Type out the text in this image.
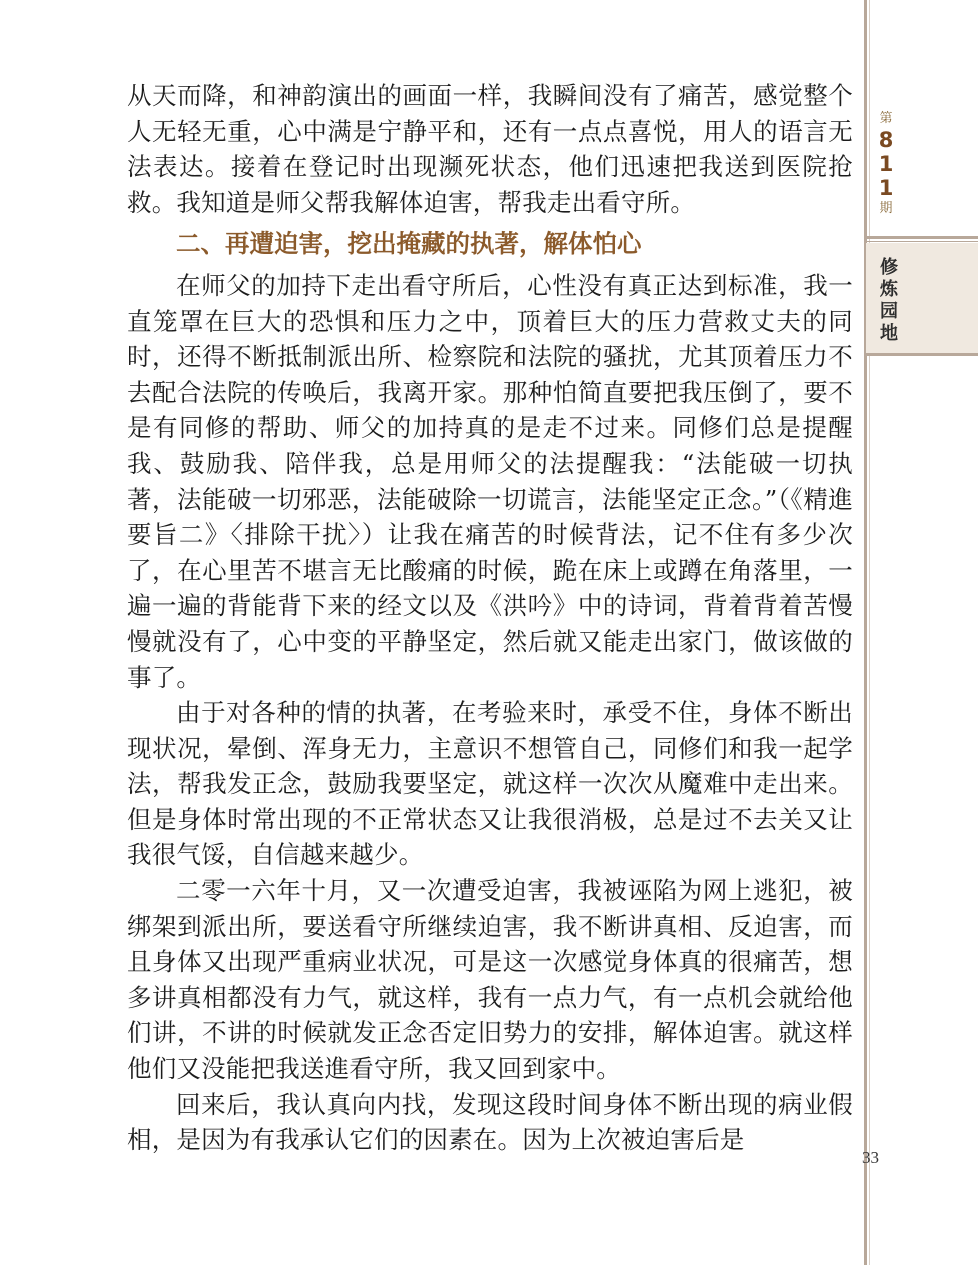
从天而降，和神韵演出的画面一样，我瞬间没有了痛苦，感觉整个人无轻无重，心中满是宁静平和，还有一点点喜悦，用人的语言无法表达。接着在登记时出现濒死状态，他们迅速把我送到医院抢救。我知道是师父帮我解体迫害，帮我走出看守所。

二、再遭迫害，挖出掩藏的执著，解体怕心

在师父的加持下走出看守所后，心性没有真正达到标准，我一直笼罩在巨大的恐惧和压力之中，顶着巨大的压力营救丈夫的同时，还得不断抵制派出所、检察院和法院的骚扰，尤其顶着压力不去配合法院的传唤后，我离开家。那种怕简直要把我压倒了，要不是有同修的帮助、师父的加持真的是走不过来。同修们总是提醒我、鼓励我、陪伴我，总是用师父的法提醒我：“法能破一切执著，法能破一切邪恶，法能破除一切谎言，法能坚定正念。”（《精進要旨二》〈排除干扰〉）让我在痛苦的时候背法，记不住有多少次了，在心里苦不堪言无比酸痛的时候，跪在床上或蹲在角落里，一遍一遍的背能背下来的经文以及《洪吟》中的诗词，背着背着苦慢慢就没有了，心中变的平静坚定，然后就又能走出家门，做该做的事了。

由于对各种的情的执著，在考验来时，承受不住，身体不断出现状况，晕倒、浑身无力，主意识不想管自己，同修们和我一起学法，帮我发正念，鼓励我要坚定，就这样一次次从魔难中走出来。但是身体时常出现的不正常状态又让我很消极，总是过不去关又让我很气馁，自信越来越少。

二零一六年十月，又一次遭受迫害，我被诬陷为网上逃犯，被绑架到派出所，要送看守所继续迫害，我不断讲真相、反迫害，而且身体又出现严重病业状况，可是这一次感觉身体真的很痛苦，想多讲真相都没有力气，就这样，我有一点力气，有一点机会就给他们讲，不讲的时候就发正念否定旧势力的安排，解体迫害。就这样他们又没能把我送進看守所，我又回到家中。

回来后，我认真向内找，发现这段时间身体不断出现的病业假相，是因为有我承认它们的因素在。因为上次被迫害后是

第
8
1
1
期
修炼园地
33
